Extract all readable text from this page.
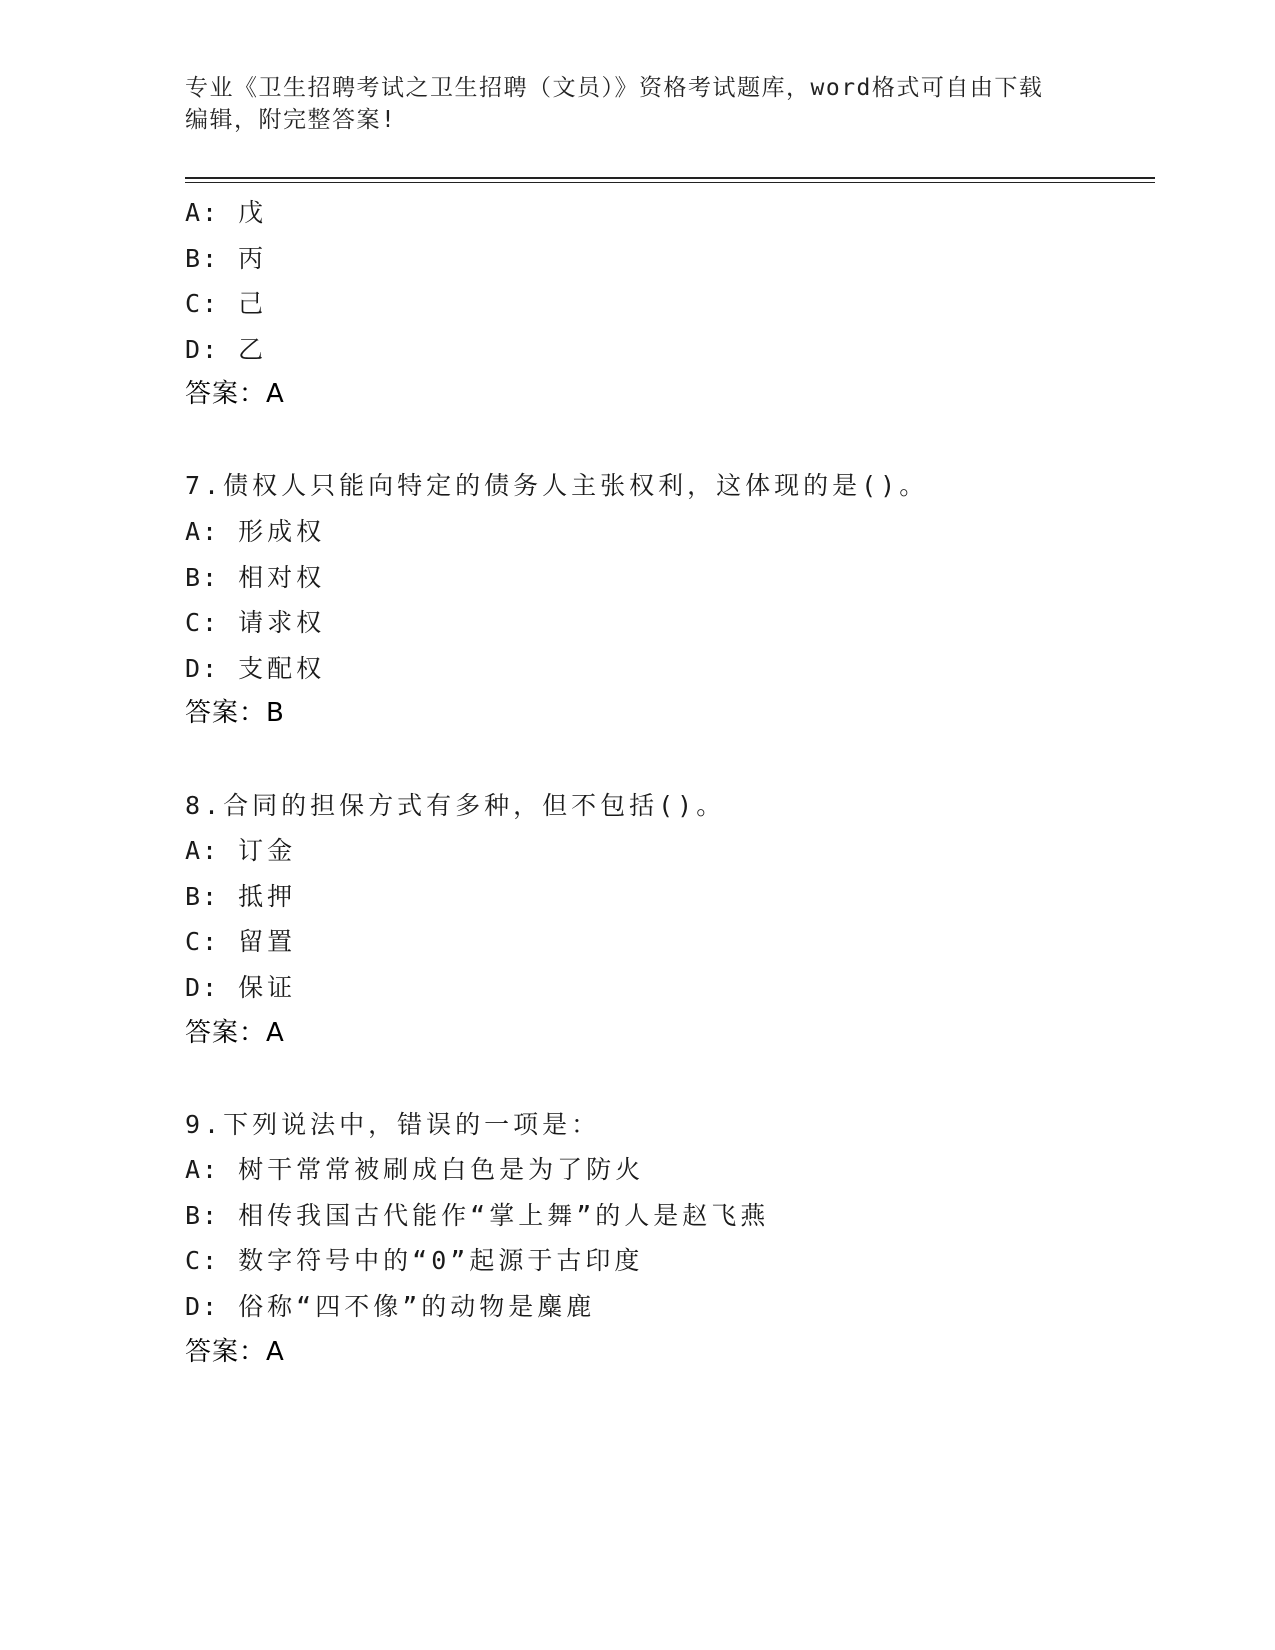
专业《卫生招聘考试之卫生招聘（文员）》资格考试题库，word格式可自由下载
编辑，附完整答案!
A: 戊
B: 丙
C: 己
D: 乙
答案：A
7.债权人只能向特定的债务人主张权利，这体现的是()。
A: 形成权
B: 相对权
C: 请求权
D: 支配权
答案：B
8.合同的担保方式有多种，但不包括()。
A: 订金
B: 抵押
C: 留置
D: 保证
答案：A
9.下列说法中，错误的一项是：
A: 树干常常被刷成白色是为了防火
B: 相传我国古代能作“掌上舞”的人是赵飞燕
C: 数字符号中的“0”起源于古印度
D: 俗称“四不像”的动物是麋鹿
答案：A
